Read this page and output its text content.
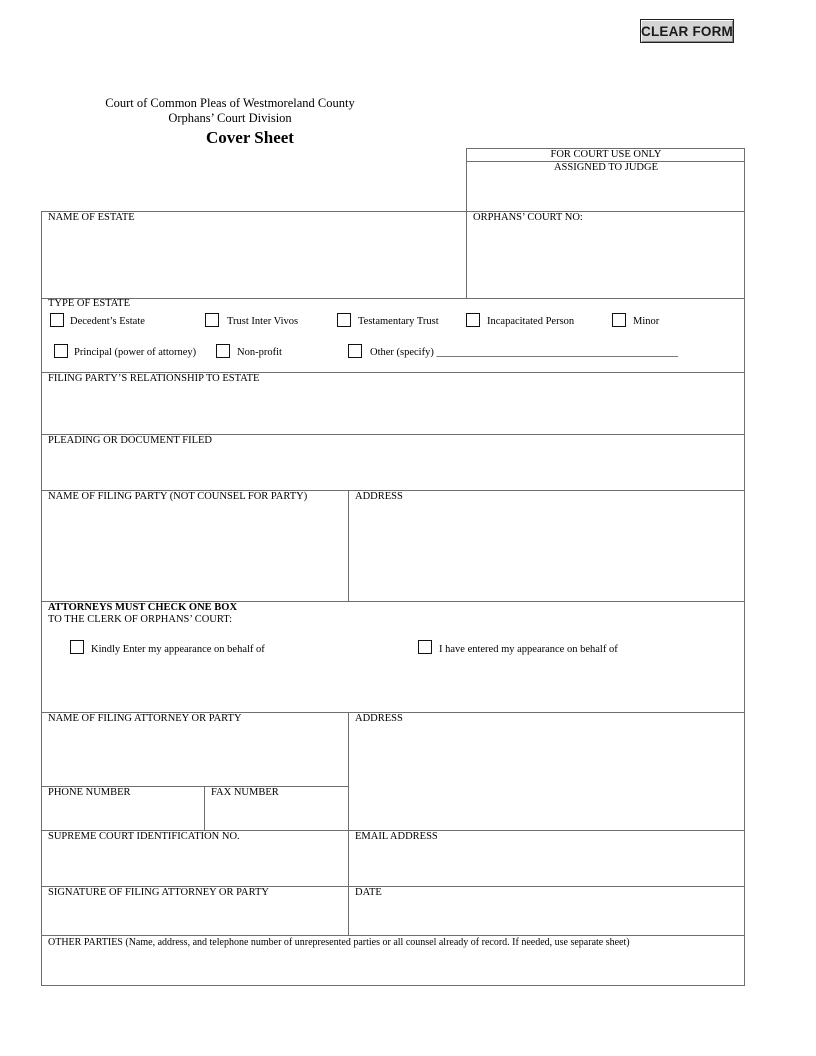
CLEAR FORM
Court of Common Pleas of Westmoreland County
Orphans’ Court Division
Cover Sheet
FOR COURT USE ONLY
ASSIGNED TO JUDGE
NAME OF ESTATE	ORPHANS’ COURT NO:
TYPE OF ESTATE
Decedent’s Estate	Trust Inter Vivos	Testamentary Trust	Incapacitated Person	Minor
Principal (power of attorney)	Non-profit	Other (specify) ______________________________________________
FILING PARTY’S RELATIONSHIP TO ESTATE
PLEADING OR DOCUMENT FILED
NAME OF FILING PARTY (NOT COUNSEL FOR PARTY)	ADDRESS
ATTORNEYS MUST CHECK ONE BOX
TO THE CLERK OF ORPHANS’ COURT:
Kindly Enter my appearance on behalf of	I have entered my appearance on behalf of
NAME OF FILING ATTORNEY OR PARTY	ADDRESS
PHONE NUMBER	FAX NUMBER
SUPREME COURT IDENTIFICATION NO.	EMAIL ADDRESS
SIGNATURE OF FILING ATTORNEY OR PARTY	DATE
OTHER PARTIES (Name, address, and telephone number of unrepresented parties or all counsel already of record. If needed, use separate sheet)
